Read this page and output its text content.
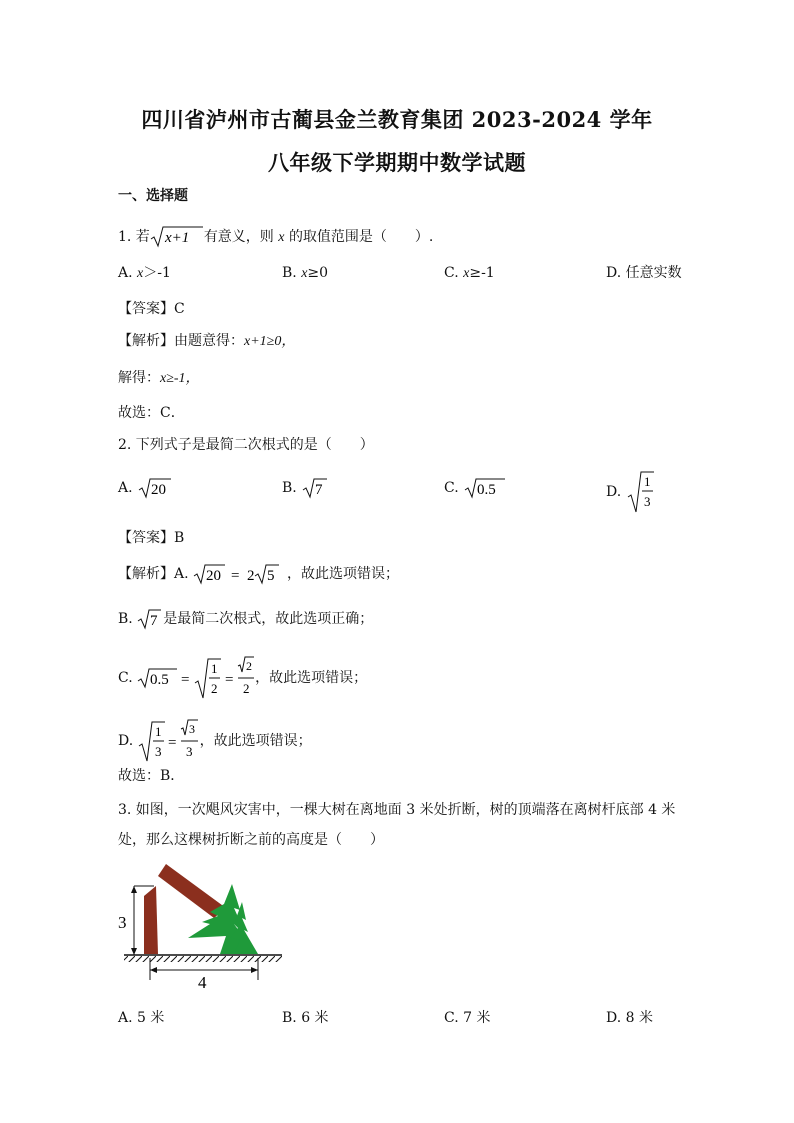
四川省泸州市古蔺县金兰教育集团 2023-2024 学年
八年级下学期期中数学试题
一、选择题
1. 若 x+1 有意义，则 x 的取值范围是（　　）.
A. x＞-1	B. x≥0	C. x≥-1	D. 任意实数
【答案】C
【解析】由题意得：x+1≥0，
解得：x≥-1，
故选：C．
2. 下列式子是最简二次根式的是（　　）
A. 20	B. 7	C. 0.5	D.
1
3
【答案】B
【解析】A. 20 = 2 5 ，故此选项错误；
B. 7 是最简二次根式，故此选项正确；
C. 0.5 =
1
2
=
2
2
，故此选项错误；
D.
1
3
=
3
3
，故此选项错误；
故选：B．
3. 如图，一次飓风灾害中，一棵大树在离地面 3 米处折断，树的顶端落在离树杆底部 4 米
处，那么这棵树折断之前的高度是（　　）
3
4
A. 5 米	B. 6 米	C. 7 米	D. 8 米
